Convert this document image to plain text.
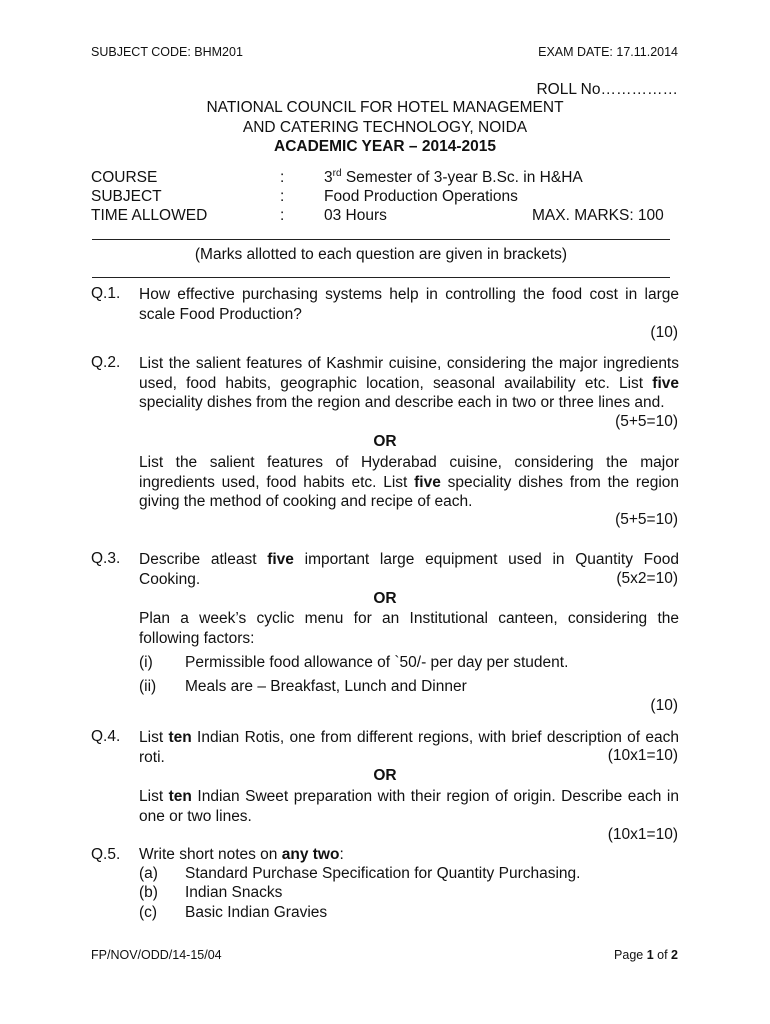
SUBJECT CODE: BHM201	EXAM DATE: 17.11.2014
ROLL No……………
NATIONAL COUNCIL FOR HOTEL MANAGEMENT
AND CATERING TECHNOLOGY, NOIDA
ACADEMIC YEAR – 2014-2015
COURSE	:	3rd Semester of 3-year B.Sc. in H&HA
SUBJECT	:	Food Production Operations
TIME ALLOWED	:	03 Hours	MAX. MARKS: 100
(Marks allotted to each question are given in brackets)
Q.1. How effective purchasing systems help in controlling the food cost in large scale Food Production?
(10)
Q.2. List the salient features of Kashmir cuisine, considering the major ingredients used, food habits, geographic location, seasonal availability etc. List five speciality dishes from the region and describe each in two or three lines and.
(5+5=10)
OR
List the salient features of Hyderabad cuisine, considering the major ingredients used, food habits etc. List five speciality dishes from the region giving the method of cooking and recipe of each.
(5+5=10)
Q.3. Describe atleast five important large equipment used in Quantity Food Cooking.	(5x2=10)
OR
Plan a week’s cyclic menu for an Institutional canteen, considering the following factors:
(i) Permissible food allowance of `50/- per day per student.
(ii) Meals are – Breakfast, Lunch and Dinner
(10)
Q.4. List ten Indian Rotis, one from different regions, with brief description of each roti.	(10x1=10)
OR
List ten Indian Sweet preparation with their region of origin. Describe each in one or two lines.
(10x1=10)
Q.5. Write short notes on any two:
(a) Standard Purchase Specification for Quantity Purchasing.
(b) Indian Snacks
(c) Basic Indian Gravies
FP/NOV/ODD/14-15/04	Page 1 of 2
